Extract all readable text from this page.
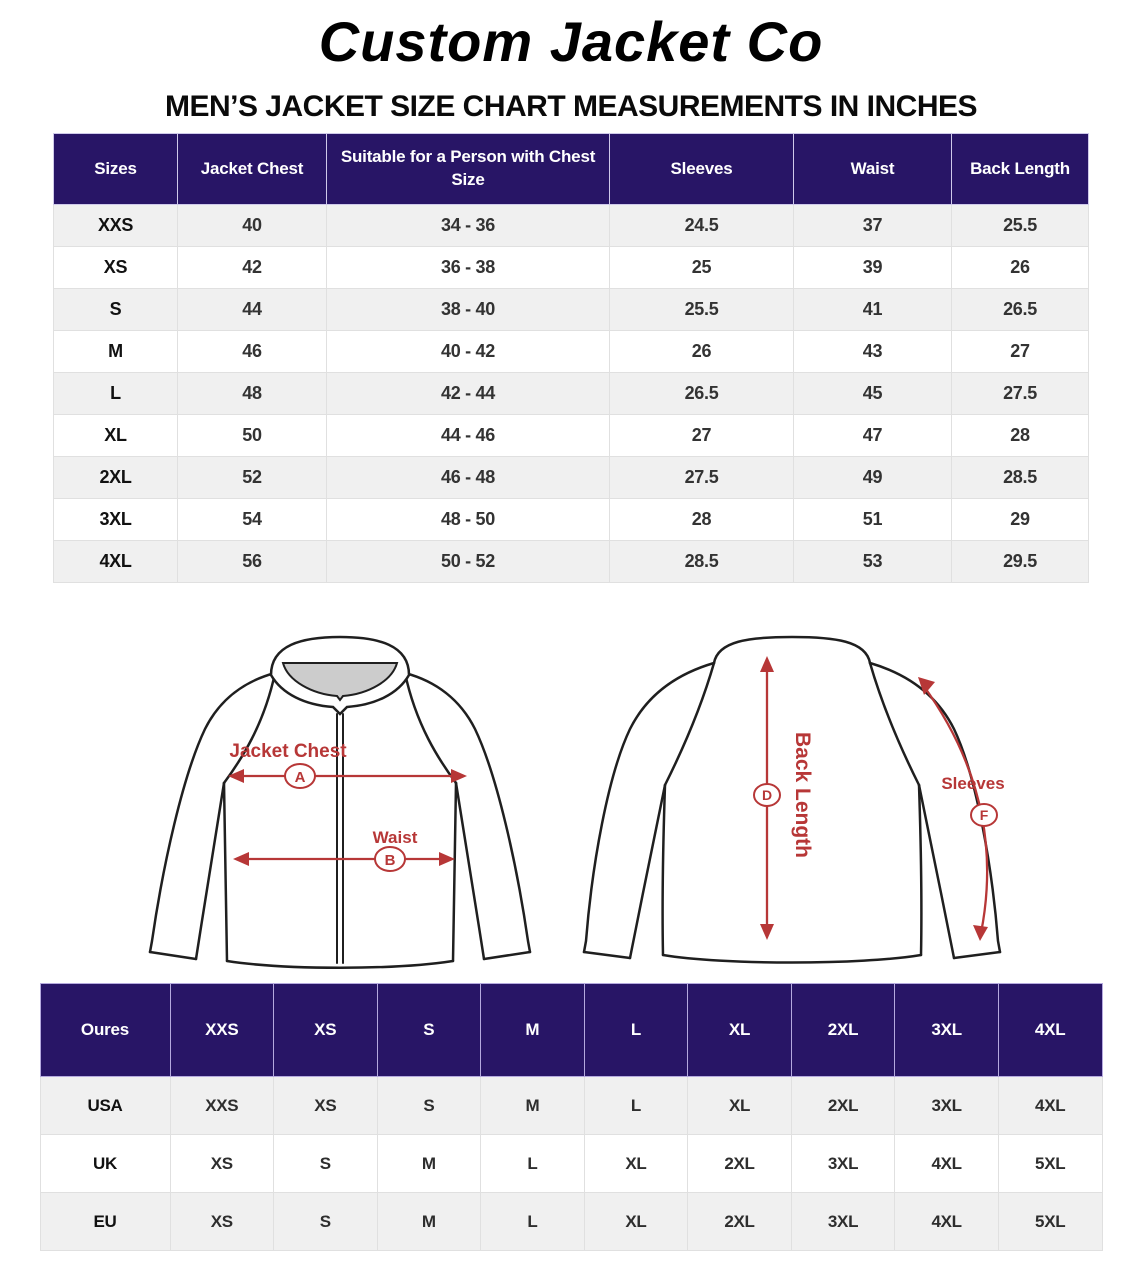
Custom Jacket Co
MEN’S JACKET SIZE CHART MEASUREMENTS IN INCHES
Sizes	Jacket Chest	Suitable for a Person with Chest Size	Sleeves	Waist	Back Length
XXS	40	34 - 36	24.5	37	25.5
XS	42	36 - 38	25	39	26
S	44	38 - 40	25.5	41	26.5
M	46	40 - 42	26	43	27
L	48	42 - 44	26.5	45	27.5
XL	50	44 - 46	27	47	28
2XL	52	46 - 48	27.5	49	28.5
3XL	54	48 - 50	28	51	29
4XL	56	50 - 52	28.5	53	29.5
Jacket Chest
A
Waist
B
D Back Length	Sleeves
F
Oures	XXS	XS	S	M	L	XL	2XL	3XL	4XL
USA	XXS	XS	S	M	L	XL	2XL	3XL	4XL
UK	XS	S	M	L	XL	2XL	3XL	4XL	5XL
EU	XS	S	M	L	XL	2XL	3XL	4XL	5XL
